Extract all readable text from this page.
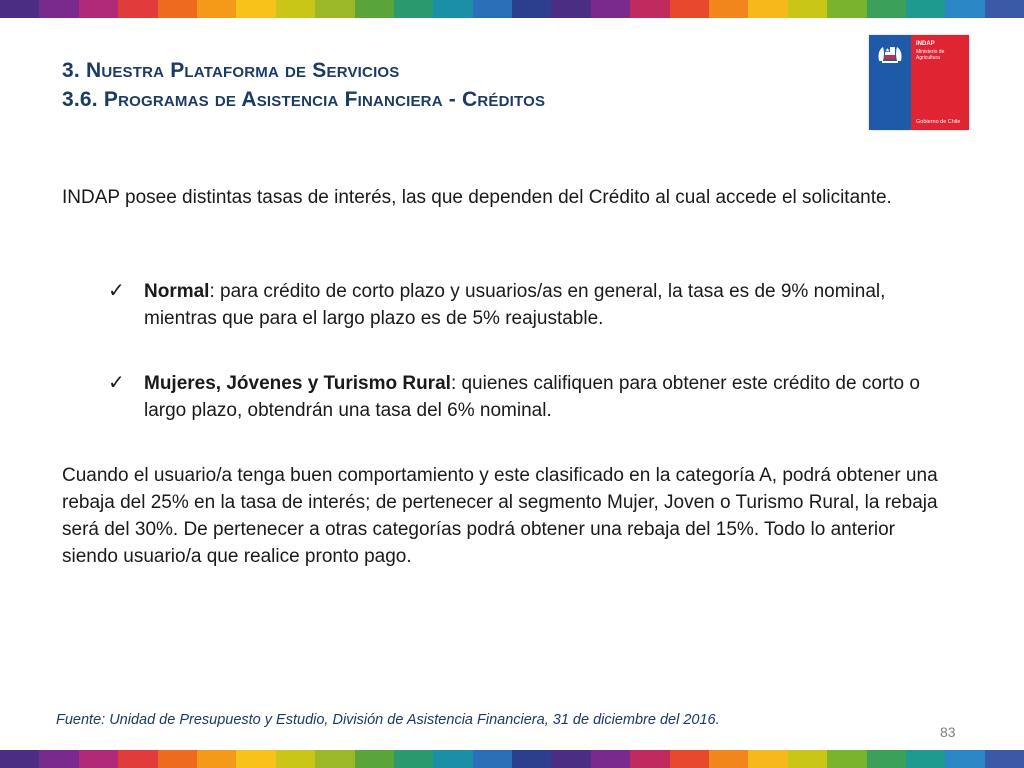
3. Nuestra Plataforma de Servicios
3.6. Programas de Asistencia Financiera - Créditos
INDAP
Ministerio de Agricultura
Gobierno de Chile

INDAP posee distintas tasas de interés, las que dependen del Crédito al cual accede el solicitante.

✓	Normal: para crédito de corto plazo y usuarios/as en general, la tasa es de 9% nominal, mientras que para el largo plazo es de 5% reajustable.
✓	Mujeres, Jóvenes y Turismo Rural: quienes califiquen para obtener este crédito de corto o largo plazo, obtendrán una tasa del 6% nominal.

Cuando el usuario/a tenga buen comportamiento y este clasificado en la categoría A, podrá obtener una rebaja del 25% en la tasa de interés; de pertenecer al segmento Mujer, Joven o Turismo Rural, la rebaja será del 30%. De pertenecer a otras categorías podrá obtener una rebaja del 15%. Todo lo anterior siendo usuario/a que realice pronto pago.

Fuente: Unidad de Presupuesto y Estudio, División de Asistencia Financiera, 31 de diciembre del 2016.
83
